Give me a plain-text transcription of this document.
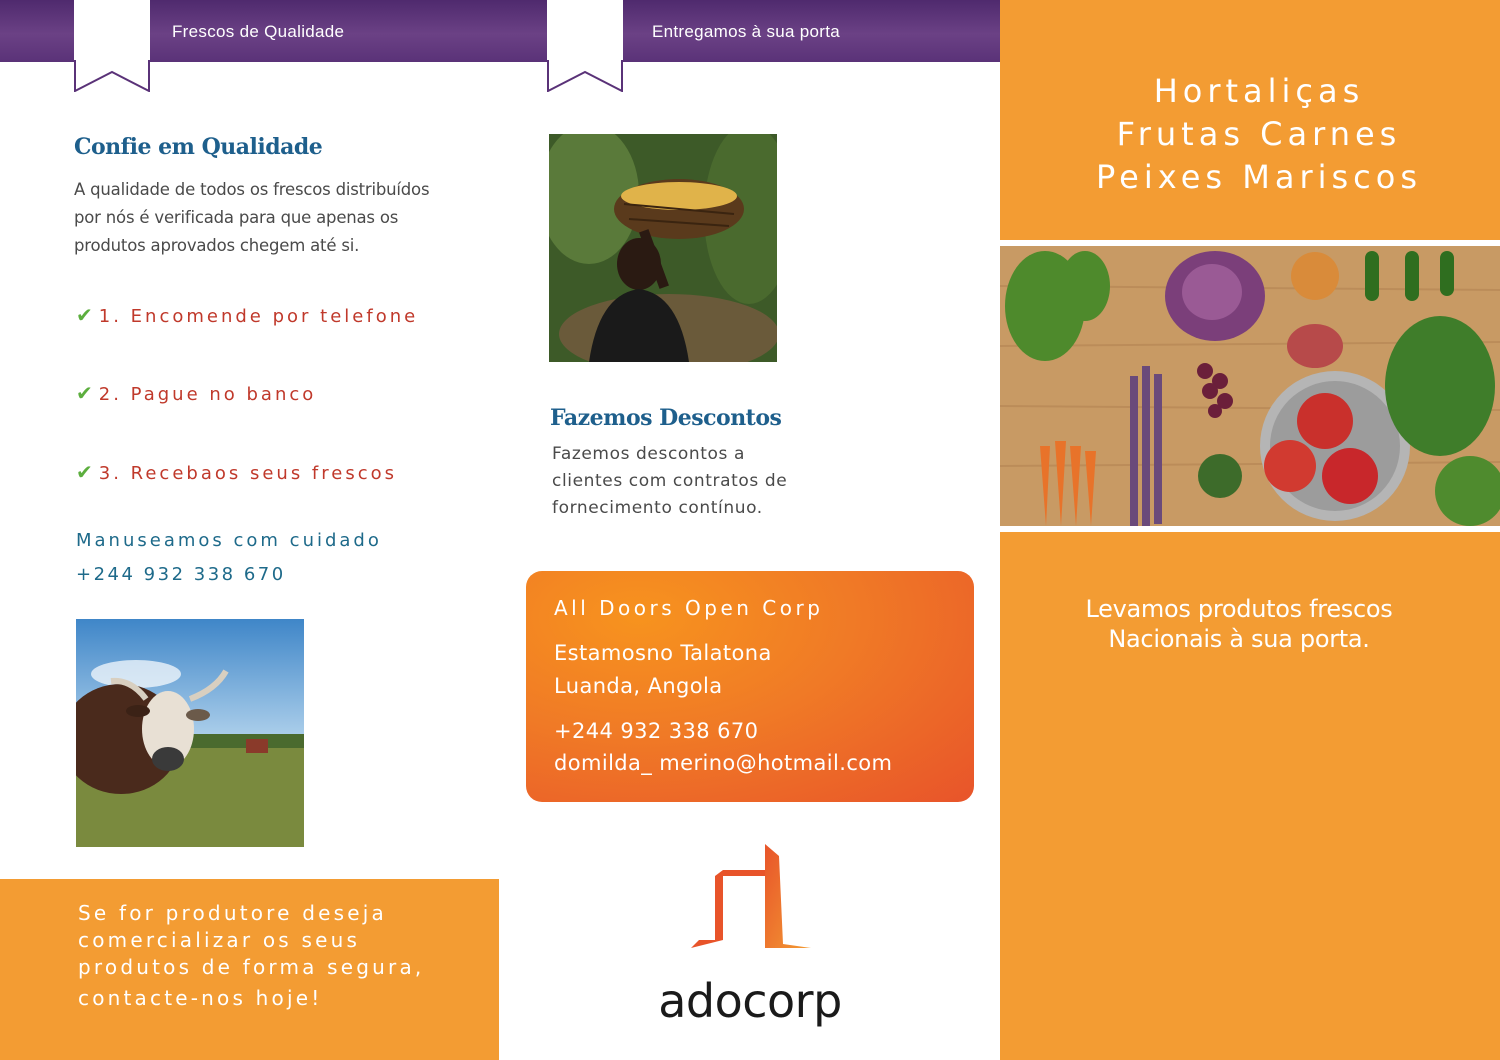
Frescos de Qualidade	Entregamos à sua porta
Hortaliças
Frutas Carnes
Peixes Mariscos
Levamos produtos frescos
Nacionais à sua porta.
Confie em Qualidade
A qualidade de todos os frescos distribuídos por nós é verificada para que apenas os produtos aprovados chegem até si.
✔ 1. Encomende por telefone
✔ 2. Pague no banco
✔ 3. Recebaos seus frescos
Manuseamos com cuidado
+244 932 338 670
Se for produtore deseja
comercializar os seus
produtos de forma segura,
contacte-nos hoje!
Fazemos Descontos
Fazemos descontos a
clientes com contratos de
fornecimento contínuo.
All Doors Open Corp
Estamosno Talatona
Luanda, Angola
+244 932 338 670
domilda_ merino@hotmail.com
adocorp
